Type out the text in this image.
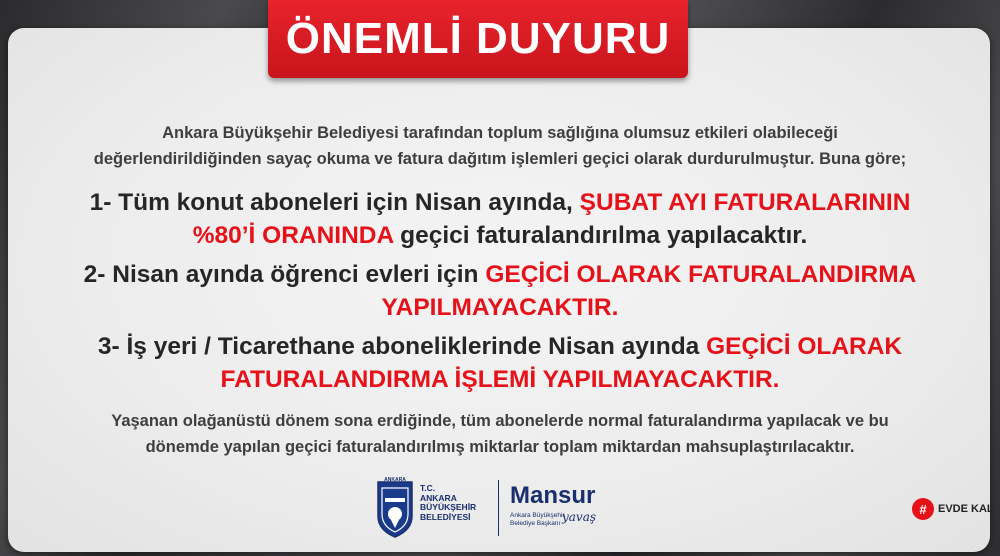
ÖNEMLİ DUYURU
Ankara Büyükşehir Belediyesi tarafından toplum sağlığına olumsuz etkileri olabileceği
değerlendirildiğinden sayaç okuma ve fatura dağıtım işlemleri geçici olarak durdurulmuştur. Buna göre;
1- Tüm konut aboneleri için Nisan ayında, ŞUBAT AYI FATURALARININ
%80’İ ORANINDA geçici faturalandırılma yapılacaktır.
2- Nisan ayında öğrenci evleri için GEÇİCİ OLARAK FATURALANDIRMA
YAPILMAYACAKTIR.
3- İş yeri / Ticarethane aboneliklerinde Nisan ayında GEÇİCİ OLARAK
FATURALANDIRMA İŞLEMİ YAPILMAYACAKTIR.
Yaşanan olağanüstü dönem sona erdiğinde, tüm abonelerde normal faturalandırma yapılacak ve bu
dönemde yapılan geçici faturalandırılmış miktarlar toplam miktardan mahsuplaştırılacaktır.
ANKARA
T.C.
ANKARA
BÜYÜKŞEHİR
BELEDİYESİ
Mansur
Ankara Büyükşehir
Belediye Başkanı yavaş
#	EVDE KAL
